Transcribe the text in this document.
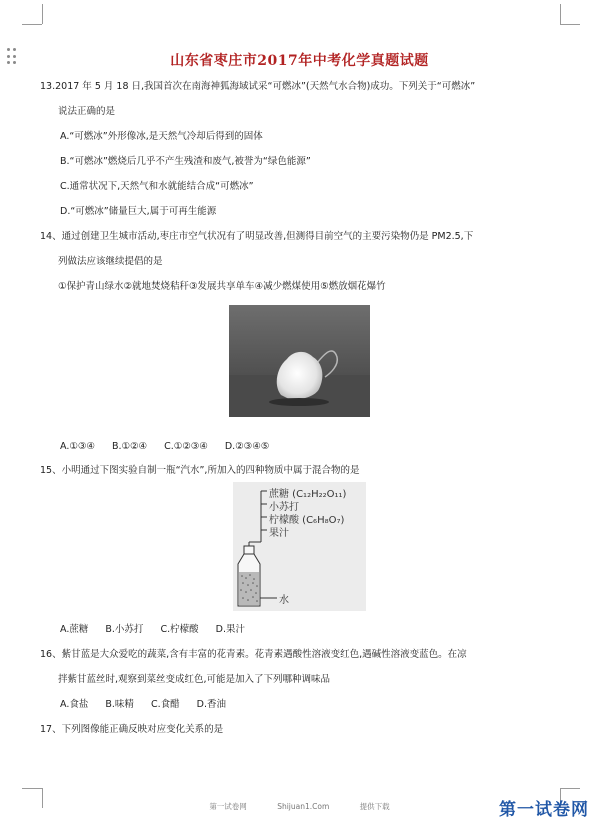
山东省枣庄市2017年中考化学真题试题
13.2017 年 5 月 18 日,我国首次在南海神狐海域试采“可燃冰”(天然气水合物)成功。下列关于“可燃冰”
说法正确的是
A.“可燃冰”外形像冰,是天然气冷却后得到的固体
B.“可燃冰”燃烧后几乎不产生残渣和废气,被誉为“绿色能源”
C.通常状况下,天然气和水就能结合成“可燃冰”
D.“可燃冰”储量巨大,属于可再生能源
14、通过创建卫生城市活动,枣庄市空气状况有了明显改善,但测得目前空气的主要污染物仍是 PM2.5,下
列做法应该继续提倡的是
①保护青山绿水②就地焚烧秸秆③发展共享单车④减少燃煤使用⑤燃放烟花爆竹
A.①③④ B.①②④ C.①②③④ D.②③④⑤
15、小明通过下图实验自制一瓶“汽水”,所加入的四种物质中属于混合物的是
蔗糖 (C₁₂H₂₂O₁₁)
小苏打
柠檬酸 (C₆H₈O₇)
果汁
水
A.蔗糖 B.小苏打 C.柠檬酸 D.果汁
16、紫甘蓝是大众爱吃的蔬菜,含有丰富的花青素。花青素遇酸性溶液变红色,遇碱性溶液变蓝色。在凉
拌紫甘蓝丝时,观察到菜丝变成红色,可能是加入了下列哪种调味品
A.食盐 B.味精 C.食醋 D.香油
17、下列图像能正确反映对应变化关系的是
第一试卷网	Shijuan1.Com	提供下载	第一试卷网
